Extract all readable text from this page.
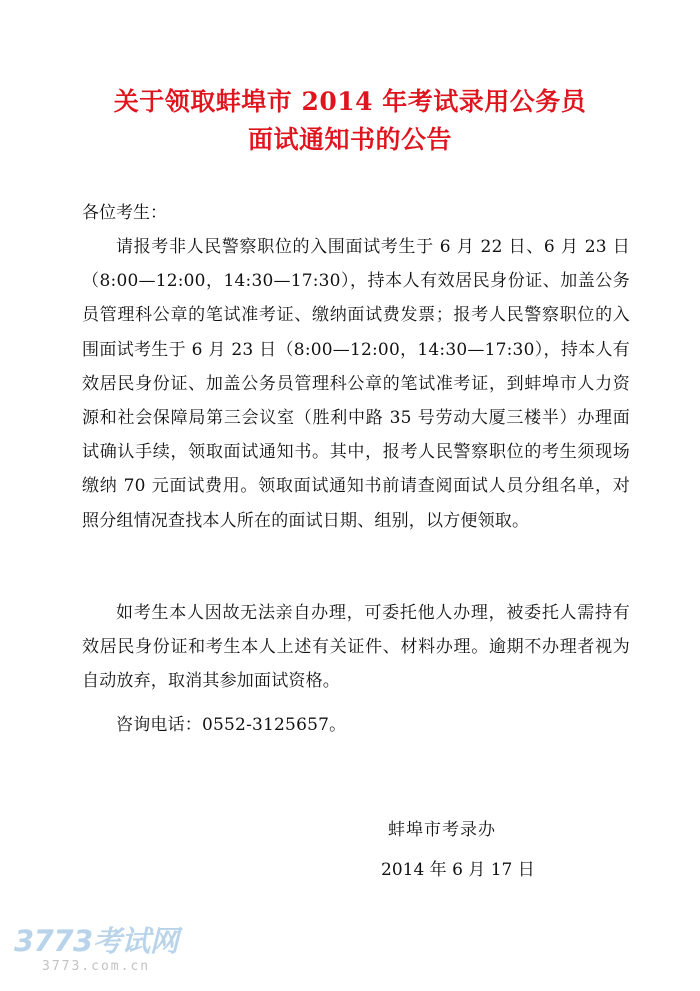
关于领取蚌埠市 2014 年考试录用公务员
面试通知书的公告
各位考生：
请报考非人民警察职位的入围面试考生于 6 月 22 日、6 月 23 日（8:00—12:00，14:30—17:30），持本人有效居民身份证、加盖公务员管理科公章的笔试准考证、缴纳面试费发票；报考人民警察职位的入围面试考生于 6 月 23 日（8:00—12:00，14:30—17:30），持本人有效居民身份证、加盖公务员管理科公章的笔试准考证，到蚌埠市人力资源和社会保障局第三会议室（胜利中路 35 号劳动大厦三楼半）办理面试确认手续，领取面试通知书。其中，报考人民警察职位的考生须现场缴纳 70 元面试费用。领取面试通知书前请查阅面试人员分组名单，对照分组情况查找本人所在的面试日期、组别，以方便领取。
如考生本人因故无法亲自办理，可委托他人办理，被委托人需持有效居民身份证和考生本人上述有关证件、材料办理。逾期不办理者视为自动放弃，取消其参加面试资格。
咨询电话：0552-3125657。
蚌埠市考录办
2014 年 6 月 17 日
3773考试网
3773.com.cn
